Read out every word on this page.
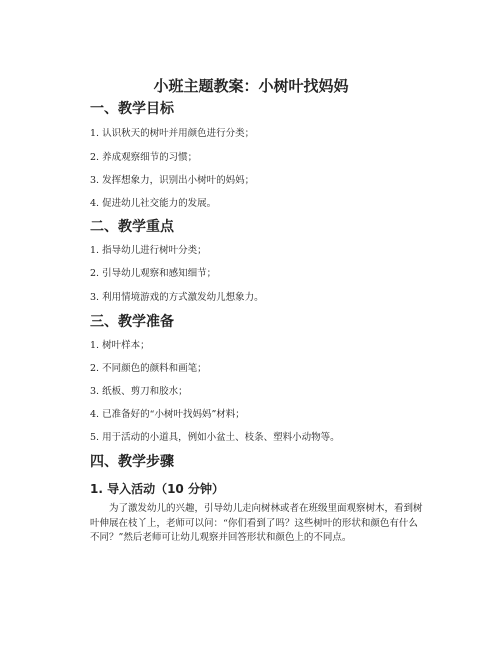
小班主题教案：小树叶找妈妈
一、教学目标

1. 认识秋天的树叶并用颜色进行分类；

2. 养成观察细节的习惯；

3. 发挥想象力，识别出小树叶的妈妈；

4. 促进幼儿社交能力的发展。

二、教学重点

1. 指导幼儿进行树叶分类；

2. 引导幼儿观察和感知细节；

3. 利用情境游戏的方式激发幼儿想象力。

三、教学准备

1. 树叶样本；

2. 不同颜色的颜料和画笔；

3. 纸板、剪刀和胶水；

4. 已准备好的“小树叶找妈妈”材料；

5. 用于活动的小道具，例如小盆土、枝条、塑料小动物等。

四、教学步骤
1. 导入活动（10 分钟）

为了激发幼儿的兴趣，引导幼儿走向树林或者在班级里面观察树木，看到树叶伸展在枝丫上，老师可以问：“你们看到了吗？这些树叶的形状和颜色有什么不同？”然后老师可让幼儿观察并回答形状和颜色上的不同点。
